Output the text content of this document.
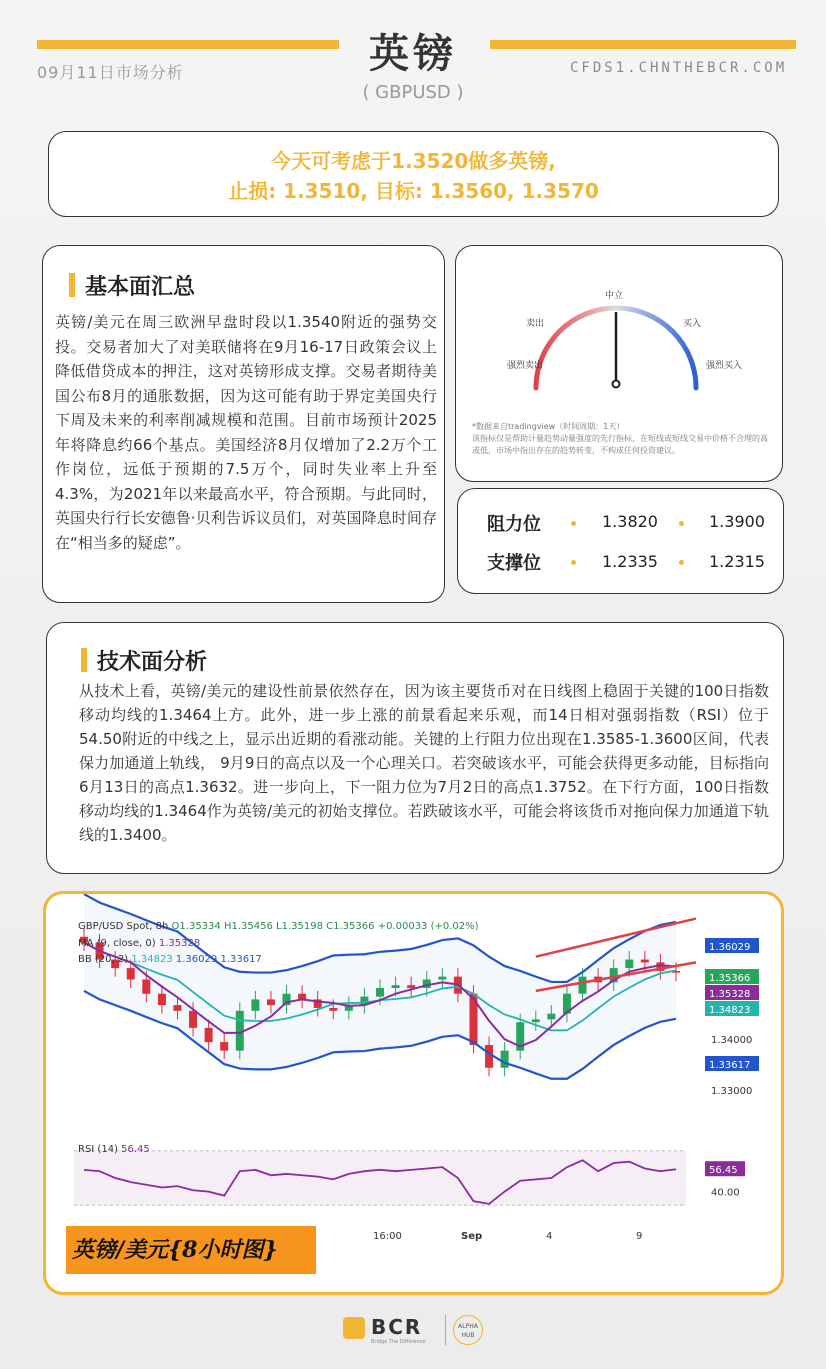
09月11日市场分析	英镑	CFDS1.CHNTHEBCR.COM
( GBPUSD )
今天可考虑于1.3520做多英镑,
止损: 1.3510, 目标: 1.3560, 1.3570
基本面汇总
英镑/美元在周三欧洲早盘时段以1.3540附近的强势交投。交易者加大了对美联储将在9月16-17日政策会议上降低借贷成本的押注，这对英镑形成支撑。交易者期待美国公布8月的通胀数据，因为这可能有助于界定美国央行下周及未来的利率削减规模和范围。目前市场预计2025年将降息约66个基点。美国经济8月仅增加了2.2万个工作岗位，远低于预期的7.5万个，同时失业率上升至4.3%，为2021年以来最高水平，符合预期。与此同时，英国央行行长安德鲁·贝利告诉议员们，对英国降息时间存在“相当多的疑虑”。
强烈卖出
卖出
中立
买入
强烈买入
*数据来自tradingview（时间周期：1天）
该指标仅是帮助计量趋势动量强度的先行指标，在短线或短线交易中价格不合理的高或低，市场中指出存在的趋势转变，不构成任何投资建议。
阻力位	1.3820	1.3900
支撑位	1.2335	1.2315
技术面分析
从技术上看，英镑/美元的建设性前景依然存在，因为该主要货币对在日线图上稳固于关键的100日指数移动均线的1.3464上方。此外，进一步上涨的前景看起来乐观，而14日相对强弱指数（RSI）位于54.50附近的中线之上，显示出近期的看涨动能。关键的上行阻力位出现在1.3585-1.3600区间，代表保力加通道上轨线， 9月9日的高点以及一个心理关口。若突破该水平，可能会获得更多动能，目标指向6月13日的高点1.3632。进一步向上，下一阻力位为7月2日的高点1.3752。在下行方面，100日指数移动均线的1.3464作为英镑/美元的初始支撑位。若跌破该水平，可能会将该货币对拖向保力加通道下轨线的1.3400。
56.45
40.00
16:00	Sep	4	9
1.36029
1.35366
1.35328
1.34823
1.33617
1.34000
1.33000
GBP/USD Spot, 8h O1.35334 H1.35456 L1.35198 C1.35366 +0.00033 (+0.02%)
MA (9, close, 0) 1.35328
BB (20, 2) 1.34823 1.36029 1.33617
RSI (14) 56.45
英镑/美元{8小时图}
BCR
Bridge The Difference
ALPHA HUB
